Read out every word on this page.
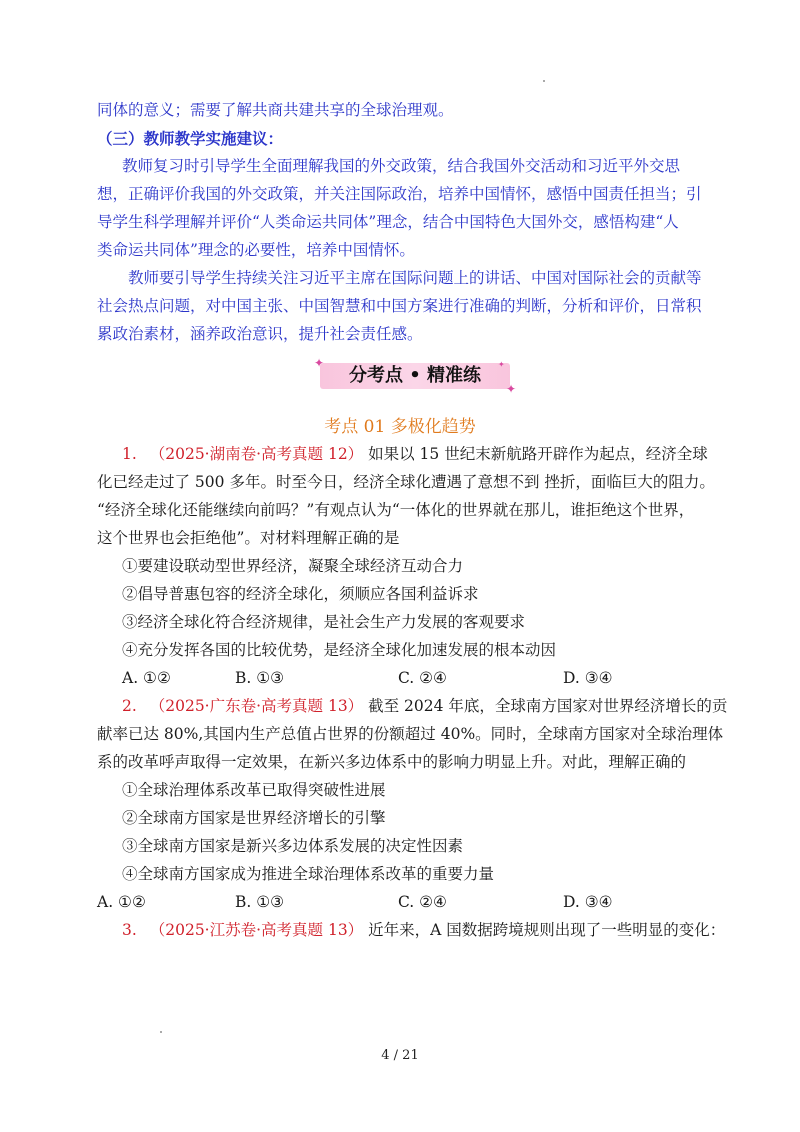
同体的意义；需要了解共商共建共享的全球治理观。
（三）教师教学实施建议：
教师复习时引导学生全面理解我国的外交政策，结合我国外交活动和习近平外交思
想，正确评价我国的外交政策，并关注国际政治，培养中国情怀，感悟中国责任担当；引
导学生科学理解并评价“人类命运共同体”理念，结合中国特色大国外交，感悟构建“人
类命运共同体”理念的必要性，培养中国情怀。
教师要引导学生持续关注习近平主席在国际问题上的讲话、中国对国际社会的贡献等
社会热点问题，对中国主张、中国智慧和中国方案进行准确的判断，分析和评价，日常积
累政治素材，涵养政治意识，提升社会责任感。
✦
✦
✦
分考点 • 精准练
考点 01 多极化趋势
1. （2025·湖南卷·高考真题 12） 如果以 15 世纪末新航路开辟作为起点，经济全球
化已经走过了 500 多年。时至今日，经济全球化遭遇了意想不到 挫折，面临巨大的阻力。
“经济全球化还能继续向前吗？”有观点认为“一体化的世界就在那儿，谁拒绝这个世界，
这个世界也会拒绝他”。对材料理解正确的是
①要建设联动型世界经济，凝聚全球经济互动合力
②倡导普惠包容的经济全球化，须顺应各国利益诉求
③经济全球化符合经济规律，是社会生产力发展的客观要求
④充分发挥各国的比较优势，是经济全球化加速发展的根本动因
A. ①②	B. ①③	C. ②④	D. ③④
2. （2025·广东卷·高考真题 13） 截至 2024 年底，全球南方国家对世界经济增长的贡
献率已达 80%,其国内生产总值占世界的份额超过 40%。同时，全球南方国家对全球治理体
系的改革呼声取得一定效果，在新兴多边体系中的影响力明显上升。对此，理解正确的
①全球治理体系改革已取得突破性进展
②全球南方国家是世界经济增长的引擎
③全球南方国家是新兴多边体系发展的决定性因素
④全球南方国家成为推进全球治理体系改革的重要力量
A. ①②	B. ①③	C. ②④	D. ③④
3. （2025·江苏卷·高考真题 13） 近年来，A 国数据跨境规则出现了一些明显的变化：
4 / 21
